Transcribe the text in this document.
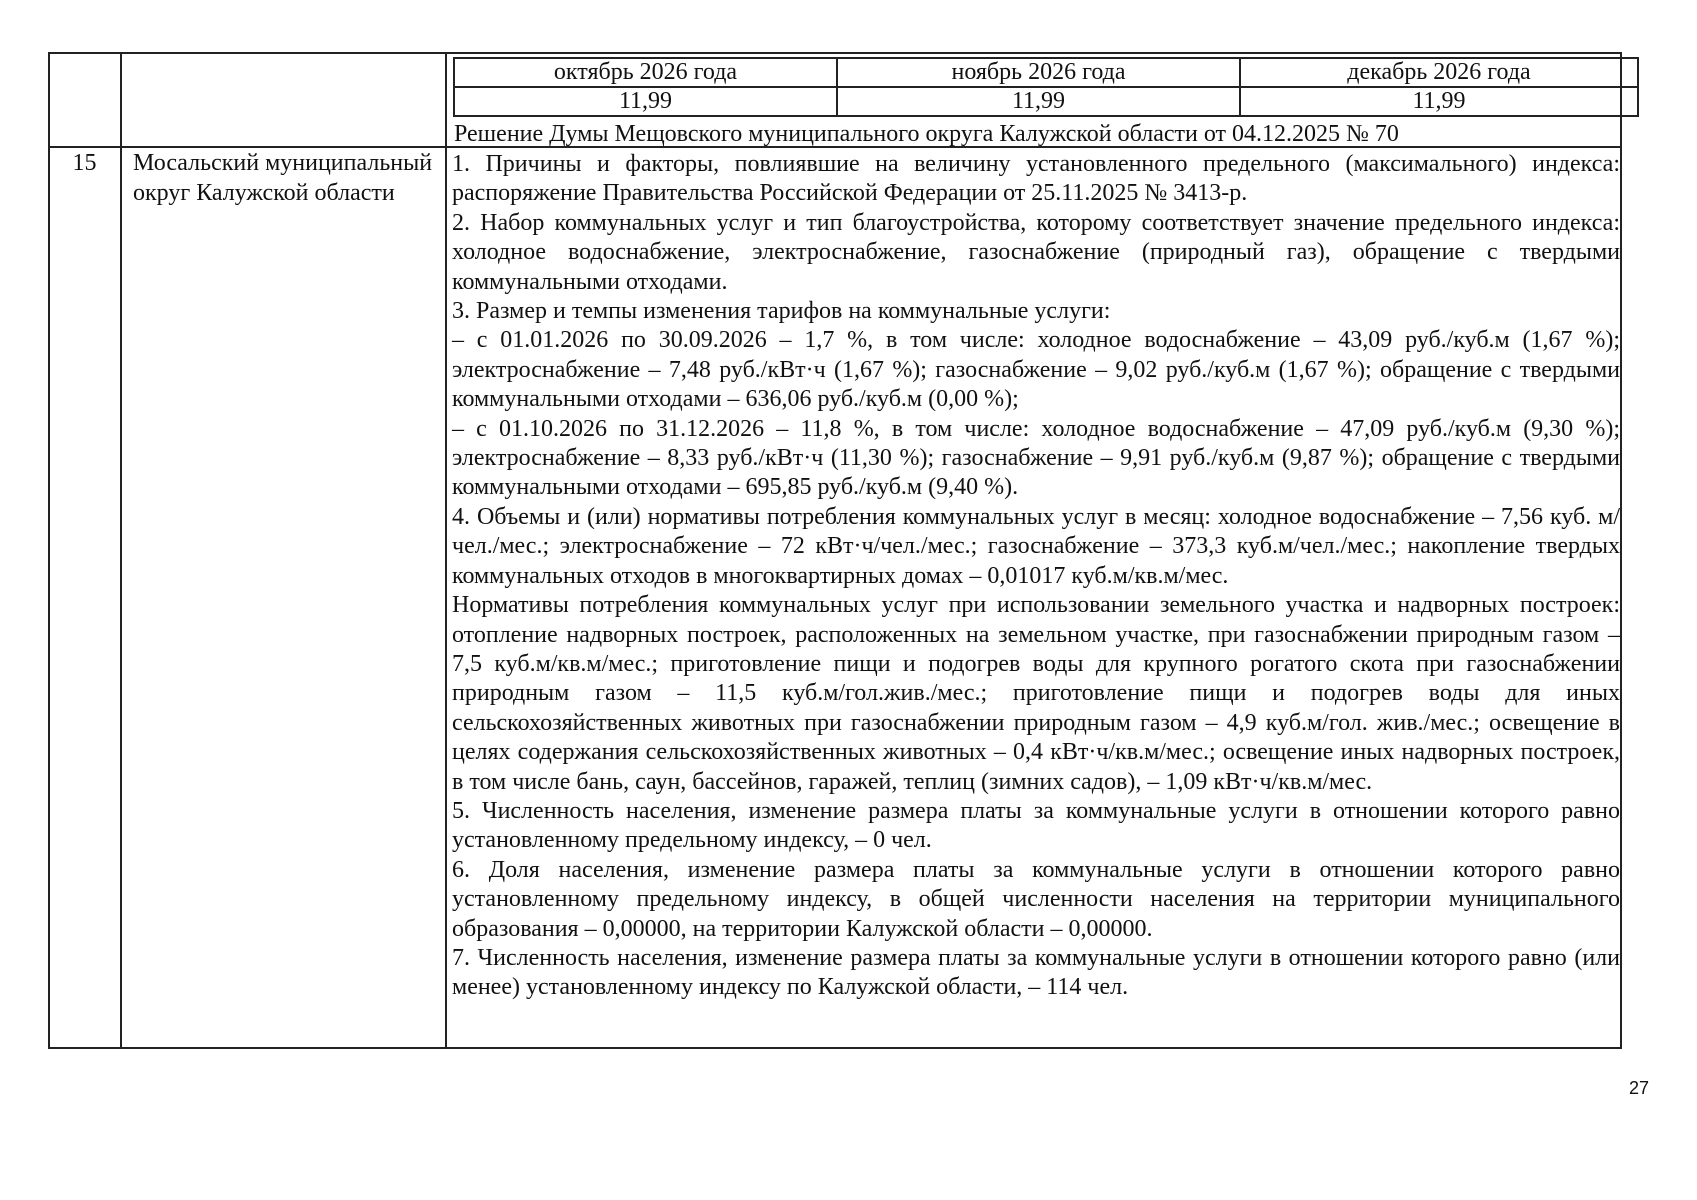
октябрь 2026 года	ноябрь 2026 года	декабрь 2026 года
11,99	11,99	11,99
Решение Думы Мещовского муниципального округа Калужской области от 04.12.2025 № 70
15	Мосальский муниципальный округ Калужской области

1. Причины и факторы, повлиявшие на величину установленного предельного (максимального) индекса: распоряжение Правительства Российской Федерации от 25.11.2025 № 3413-р.

2. Набор коммунальных услуг и тип благоустройства, которому соответствует значение предельного индекса: холодное водоснабжение, электроснабжение, газоснабжение (природный газ), обращение с твердыми коммунальными отходами.

3. Размер и темпы изменения тарифов на коммунальные услуги:

– с 01.01.2026 по 30.09.2026 – 1,7 %, в том числе: холодное водоснабжение – 43,09 руб./куб.м (1,67 %); электроснабжение – 7,48 руб./кВт·ч (1,67 %); газоснабжение – 9,02 руб./куб.м (1,67 %); обращение с твердыми коммунальными отходами – 636,06 руб./куб.м (0,00 %);

– с 01.10.2026 по 31.12.2026 – 11,8 %, в том числе: холодное водоснабжение – 47,09 руб./куб.м (9,30 %); электроснабжение – 8,33 руб./кВт·ч (11,30 %); газоснабжение – 9,91 руб./куб.м (9,87 %); обращение с твердыми коммунальными отходами – 695,85 руб./куб.м (9,40 %).

4. Объемы и (или) нормативы потребления коммунальных услуг в месяц: холодное водоснабжение – 7,56 куб. м/чел./мес.; электроснабжение – 72 кВт·ч/чел./мес.; газоснабжение – 373,3 куб.м/чел./мес.; накопление твердых коммунальных отходов в многоквартирных домах – 0,01017 куб.м/кв.м/мес.

Нормативы потребления коммунальных услуг при использовании земельного участка и надворных построек: отопление надворных построек, расположенных на земельном участке, при газоснабжении природным газом – 7,5 куб.м/кв.м/мес.; приготовление пищи и подогрев воды для крупного рогатого скота при газоснабжении природным газом – 11,5 куб.м/гол.жив./мес.; приготовление пищи и подогрев воды для иных сельскохозяйственных животных при газоснабжении природным газом – 4,9 куб.м/гол. жив./мес.; освещение в целях содержания сельскохозяйственных животных – 0,4 кВт·ч/кв.м/мес.; освещение иных надворных построек, в том числе бань, саун, бассейнов, гаражей, теплиц (зимних садов), – 1,09 кВт·ч/кв.м/мес.

5. Численность населения, изменение размера платы за коммунальные услуги в отношении которого равно установленному предельному индексу, – 0 чел.

6. Доля населения, изменение размера платы за коммунальные услуги в отношении которого равно установленному предельному индексу, в общей численности населения на территории муниципального образования – 0,00000, на территории Калужской области – 0,00000.

7. Численность населения, изменение размера платы за коммунальные услуги в отношении которого равно (или менее) установленному индексу по Калужской области, – 114 чел.

27
